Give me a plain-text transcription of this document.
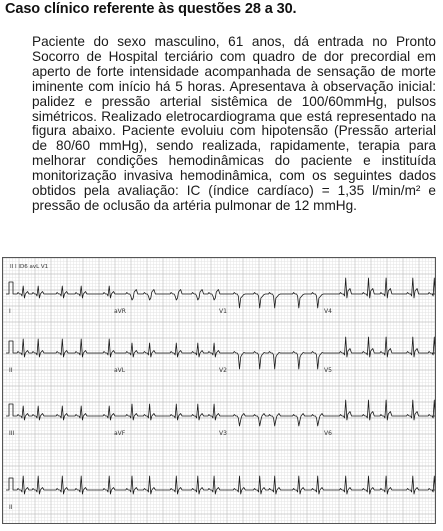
Caso clínico referente às questões 28 a 30.

Paciente do sexo masculino, 61 anos, dá entrada no Pronto Socorro de Hospital terciário com quadro de dor precordial em aperto de forte intensidade acompanhada de sensação de morte iminente com início há 5 horas. Apresentava à observação inicial: palidez e pressão arterial sistêmica de 100/60mmHg, pulsos simétricos. Realizado eletrocardiograma que está representado na figura abaixo. Paciente evoluiu com hipotensão (Pressão arterial de 80/60 mmHg), sendo realizada, rapidamente, terapia para melhorar condições hemodinâmicas do paciente e instituída monitorização invasiva hemodinâmica, com os seguintes dados obtidos pela avaliação: IC (índice cardíaco) = 1,35 l/min/m² e pressão de oclusão da artéria pulmonar de 12 mmHg.

II I ID6 avL V1
I	aVR	V1	V4
II	aVL	V2	V5
III	aVF	V3	V6
II
